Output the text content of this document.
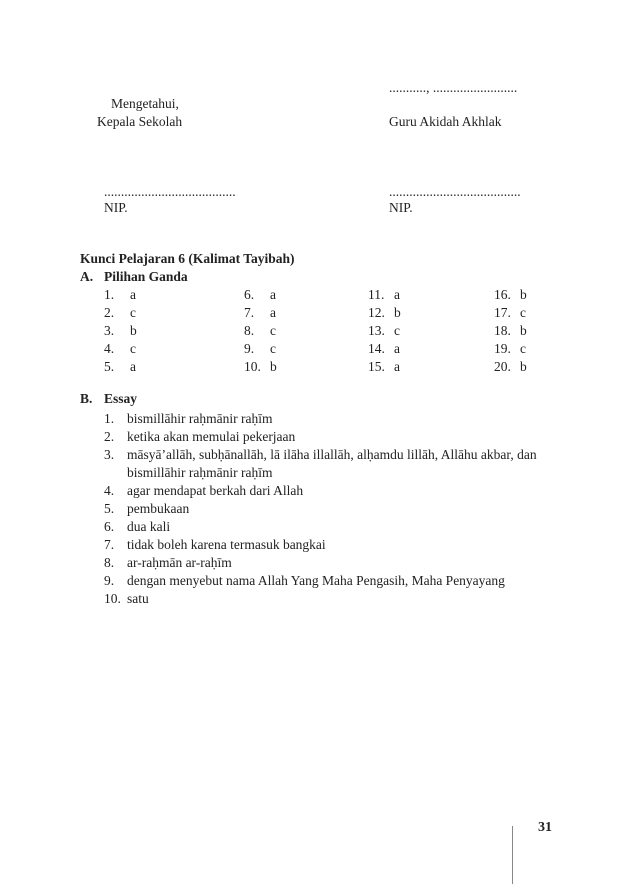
..........., .........................
Mengetahui,
Kepala Sekolah	Guru Akidah Akhlak
.......................................	.......................................
NIP.	NIP.
Kunci Pelajaran 6 (Kalimat Tayibah)
A. Pilihan Ganda
1. a	6. a	11. a	16. b
2. c	7. a	12. b	17. c
3. b	8. c	13. c	18. b
4. c	9. c	14. a	19. c
5. a	10. b	15. a	20. b
B. Essay
1. bismillāhir raḥmānir raḥīm
2. ketika akan memulai pekerjaan
3. māsyā’allāh, subḥānallāh, lā ilāha illallāh, alḥamdu lillāh, Allāhu akbar, dan bismillāhir raḥmānir raḥīm
4. agar mendapat berkah dari Allah
5. pembukaan
6. dua kali
7. tidak boleh karena termasuk bangkai
8. ar-raḥmān ar-raḥīm
9. dengan menyebut nama Allah Yang Maha Pengasih, Maha Penyayang
10. satu
31
